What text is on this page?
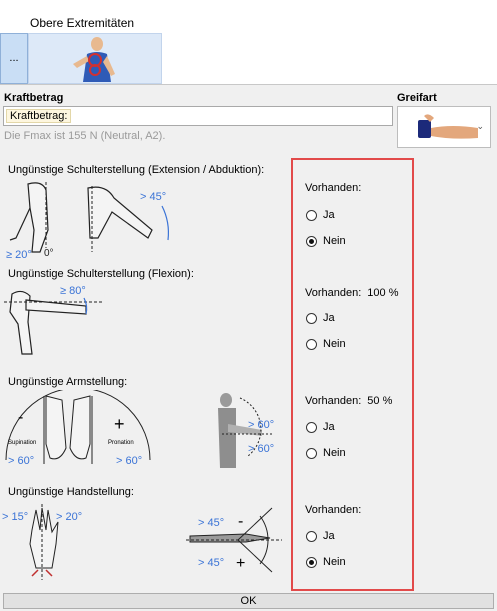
Obere Extremitäten
...
Kraftbetrag
Kraftbetrag:
Die Fmax ist 155 N (Neutral, A2).
Greifart
⌄
Ungünstige Schulterstellung (Extension / Abduktion):
≥ 20° 0°
> 45°
Vorhanden:
Ja
Nein
Ungünstige Schulterstellung (Flexion):
≥ 80°	Vorhanden: 100 %
Ja
Nein
Ungünstige Armstellung:
-	+
Supination	Pronation
> 60°	> 60°
> 60°
> 60°
Vorhanden: 50 %
Ja
Nein
Ungünstige Handstellung:
> 15°	> 20°	> 45°
> 45°
-
+
Vorhanden:
Ja
Nein
OK
